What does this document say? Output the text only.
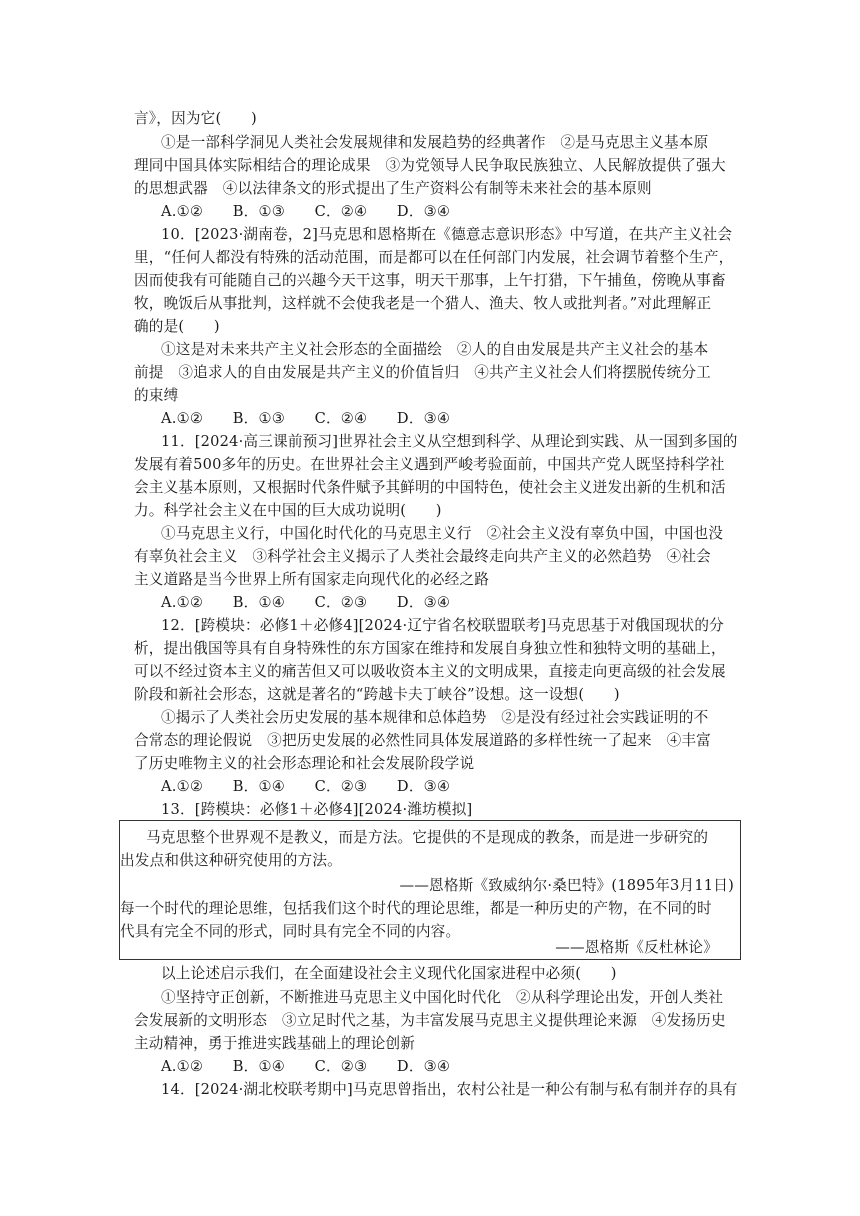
言》，因为它(　　)
①是一部科学洞见人类社会发展规律和发展趋势的经典著作　②是马克思主义基本原
理同中国具体实际相结合的理论成果　③为党领导人民争取民族独立、人民解放提供了强大
的思想武器　④以法律条文的形式提出了生产资料公有制等未来社会的基本原则
A.①②　　B．①③　　C．②④　　D．③④
10．[2023·湖南卷，2]马克思和恩格斯在《德意志意识形态》中写道，在共产主义社会
里，“任何人都没有特殊的活动范围，而是都可以在任何部门内发展，社会调节着整个生产，
因而使我有可能随自己的兴趣今天干这事，明天干那事，上午打猎，下午捕鱼，傍晚从事畜
牧，晚饭后从事批判，这样就不会使我老是一个猎人、渔夫、牧人或批判者。”对此理解正
确的是(　　)
①这是对未来共产主义社会形态的全面描绘　②人的自由发展是共产主义社会的基本
前提　③追求人的自由发展是共产主义的价值旨归　④共产主义社会人们将摆脱传统分工
的束缚
A.①②　　B．①③　　C．②④　　D．③④
11．[2024·高三课前预习]世界社会主义从空想到科学、从理论到实践、从一国到多国的
发展有着500多年的历史。在世界社会主义遇到严峻考验面前，中国共产党人既坚持科学社
会主义基本原则，又根据时代条件赋予其鲜明的中国特色，使社会主义迸发出新的生机和活
力。科学社会主义在中国的巨大成功说明(　　)
①马克思主义行，中国化时代化的马克思主义行　②社会主义没有辜负中国，中国也没
有辜负社会主义　③科学社会主义揭示了人类社会最终走向共产主义的必然趋势　④社会
主义道路是当今世界上所有国家走向现代化的必经之路
A.①②　　B．①④　　C．②③　　D．③④
12．[跨模块：必修1＋必修4][2024·辽宁省名校联盟联考]马克思基于对俄国现状的分
析，提出俄国等具有自身特殊性的东方国家在维持和发展自身独立性和独特文明的基础上，
可以不经过资本主义的痛苦但又可以吸收资本主义的文明成果，直接走向更高级的社会发展
阶段和新社会形态，这就是著名的“跨越卡夫丁峡谷”设想。这一设想(　　)
①揭示了人类社会历史发展的基本规律和总体趋势　②是没有经过社会实践证明的不
合常态的理论假说　③把历史发展的必然性同具体发展道路的多样性统一了起来　④丰富
了历史唯物主义的社会形态理论和社会发展阶段学说
A.①②　　B．①④　　C．②③　　D．③④
13．[跨模块：必修1＋必修4][2024·潍坊模拟]
马克思整个世界观不是教义，而是方法。它提供的不是现成的教条，而是进一步研究的
出发点和供这种研究使用的方法。
——恩格斯《致威纳尔·桑巴特》(1895年3月11日)
每一个时代的理论思维，包括我们这个时代的理论思维，都是一种历史的产物，在不同的时
代具有完全不同的形式，同时具有完全不同的内容。
——恩格斯《反杜林论》
以上论述启示我们，在全面建设社会主义现代化国家进程中必须(　　)
①坚持守正创新，不断推进马克思主义中国化时代化　②从科学理论出发，开创人类社
会发展新的文明形态　③立足时代之基，为丰富发展马克思主义提供理论来源　④发扬历史
主动精神，勇于推进实践基础上的理论创新
A.①②　　B．①④　　C．②③　　D．③④
14．[2024·湖北校联考期中]马克思曾指出，农村公社是一种公有制与私有制并存的具有
